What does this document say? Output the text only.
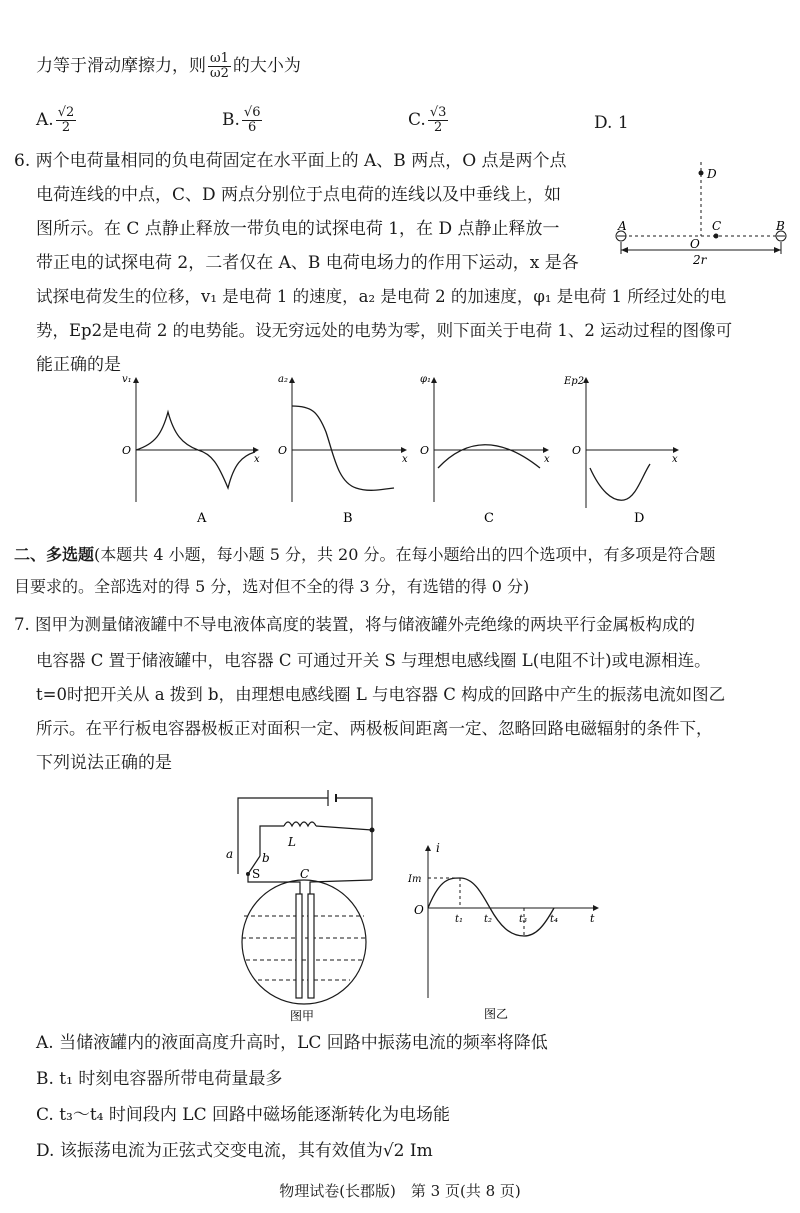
力等于滑动摩擦力，则 $\frac{\omega 1}{\omega 2}$ 的大小为
A. $\frac{√2}{2}$	B. $\frac{√6}{6}$	C. $\frac{√3}{2}$	D. 1
6. 两个电荷量相同的负电荷固定在水平面上的 A、B 两点，O 点是两个点
电荷连线的中点，C、D 两点分别位于点电荷的连线以及中垂线上，如
图所示。在 C 点静止释放一带负电的试探电荷 1，在 D 点静止释放一
带正电的试探电荷 2，二者仅在 A、B 电荷电场力的作用下运动，x 是各
试探电荷发生的位移，v₁ 是电荷 1 的速度，a₂ 是电荷 2 的加速度，φ₁ 是电荷 1 所经过处的电
势，Ep2是电荷 2 的电势能。设无穷远处的电势为零，则下面关于电荷 1、2 运动过程的图像可
能正确的是
D
A	B
C
O
2r
v₁
O
x
A
a₂
O
x
B
φ₁
O
x
C
Ep2
O
x
D
二、多选题(本题共 4 小题，每小题 5 分，共 20 分。在每小题给出的四个选项中，有多项是符合题
目要求的。全部选对的得 5 分，选对但不全的得 3 分，有选错的得 0 分)
7. 图甲为测量储液罐中不导电液体高度的装置，将与储液罐外壳绝缘的两块平行金属板构成的
电容器 C 置于储液罐中，电容器 C 可通过开关 S 与理想电感线圈 L(电阻不计)或电源相连。
t=0时把开关从 a 拨到 b，由理想电感线圈 L 与电容器 C 构成的回路中产生的振荡电流如图乙
所示。在平行板电容器极板正对面积一定、两极板间距离一定、忽略回路电磁辐射的条件下，
下列说法正确的是
L
a b
S	C
图甲
i
Im
O
t₁ t₂	t₃ t₄	t
图乙
A. 当储液罐内的液面高度升高时，LC 回路中振荡电流的频率将降低
B. t₁ 时刻电容器所带电荷量最多
C. t₃～t₄ 时间段内 LC 回路中磁场能逐渐转化为电场能
D. 该振荡电流为正弦式交变电流，其有效值为√2 Im
物理试卷(长郡版)　第 3 页(共 8 页)
